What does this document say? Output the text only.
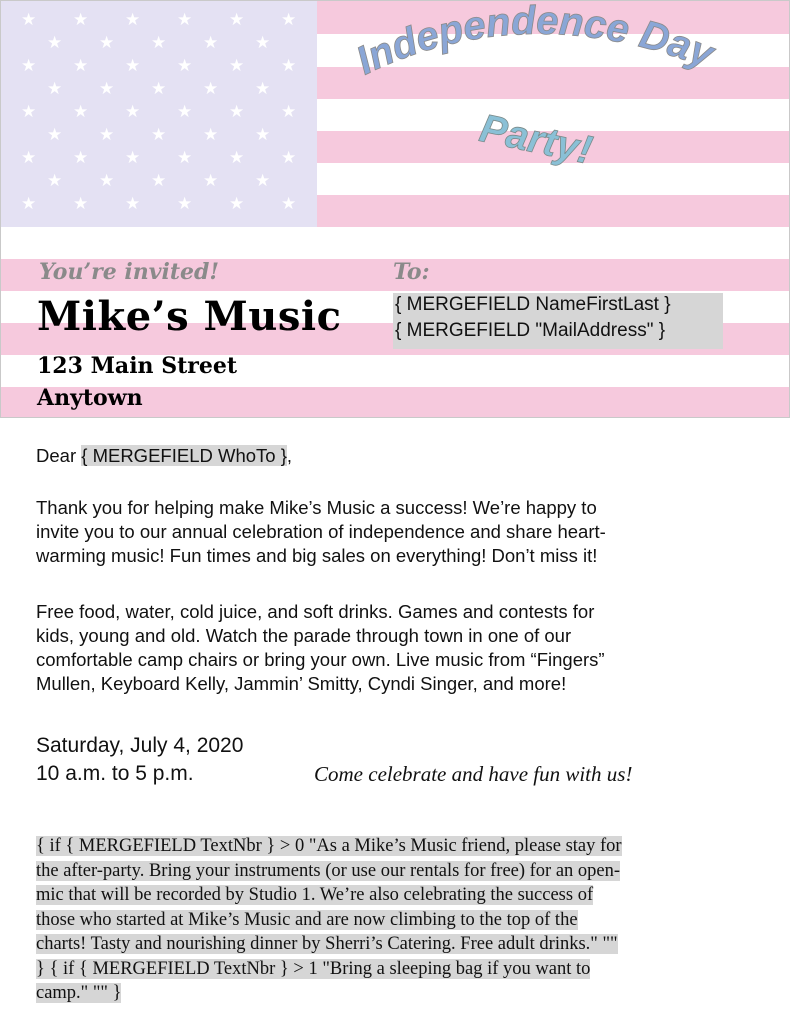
★ ★ ★ ★ ★ ★
★ ★ ★ ★ ★
★ ★ ★ ★ ★ ★
★ ★ ★ ★ ★
★ ★ ★ ★ ★ ★
★ ★ ★ ★ ★
★ ★ ★ ★ ★ ★
★ ★ ★ ★ ★
★ ★ ★ ★ ★ ★
Independence Day
Party!
You’re invited!	To:
Mike’s Music
123 Main Street
Anytown
{ MERGEFIELD NameFirstLast }
{ MERGEFIELD "MailAddress" }
Dear { MERGEFIELD WhoTo },
Thank you for helping make Mike’s Music a success! We’re happy to
invite you to our annual celebration of independence and share heart-
warming music! Fun times and big sales on everything! Don’t miss it!
Free food, water, cold juice, and soft drinks. Games and contests for
kids, young and old. Watch the parade through town in one of our
comfortable camp chairs or bring your own. Live music from “Fingers”
Mullen, Keyboard Kelly, Jammin’ Smitty, Cyndi Singer, and more!
Saturday, July 4, 2020
10 a.m. to 5 p.m.	Come celebrate and have fun with us!
{ if { MERGEFIELD TextNbr } > 0 "As a Mike’s Music friend, please stay for
the after-party. Bring your instruments (or use our rentals for free) for an open-
mic that will be recorded by Studio 1. We’re also celebrating the success of
those who started at Mike’s Music and are now climbing to the top of the
charts! Tasty and nourishing dinner by Sherri’s Catering. Free adult drinks." ""
} { if { MERGEFIELD TextNbr } > 1 "Bring a sleeping bag if you want to
camp." "" }
